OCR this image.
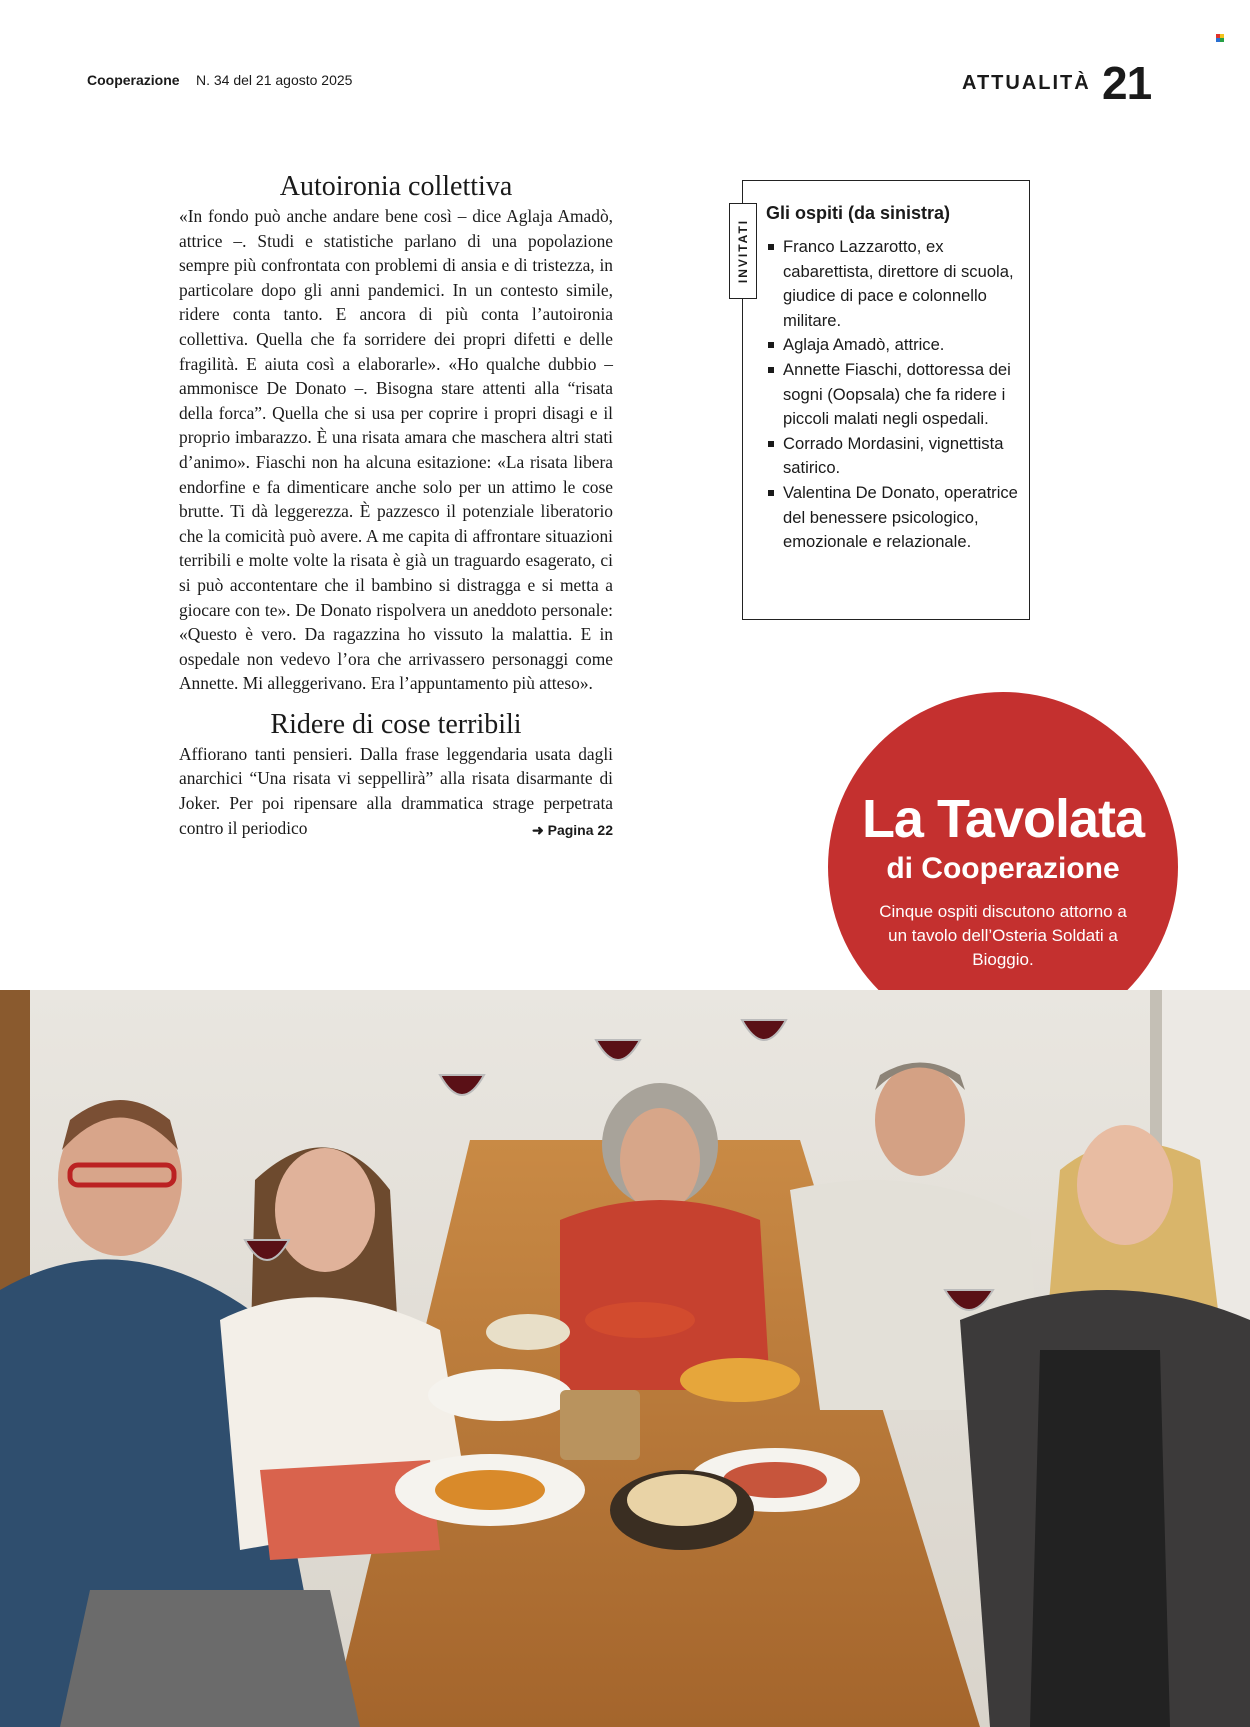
Cooperazione N. 34 del 21 agosto 2025	ATTUALITÀ 21
Autoironia collettiva

«In fondo può anche andare bene così – dice Aglaja Amadò, attrice –. Studi e statistiche parlano di una popolazione sempre più confrontata con problemi di ansia e di tristezza, in particolare dopo gli anni pandemici. In un contesto simile, ridere conta tanto. E ancora di più conta l’autoironia collettiva. Quella che fa sorridere dei propri difetti e delle fragilità. E aiuta così a elaborarle». «Ho qualche dubbio – ammonisce De Donato –. Bisogna stare attenti alla “risata della forca”. Quella che si usa per coprire i propri disagi e il proprio imbarazzo. È una risata amara che maschera altri stati d’animo». Fiaschi non ha alcuna esitazione: «La risata libera endorfine e fa dimenticare anche solo per un attimo le cose brutte. Ti dà leggerezza. È pazzesco il potenziale liberatorio che la comicità può avere. A me capita di affrontare situazioni terribili e molte volte la risata è già un traguardo esagerato, ci si può accontentare che il bambino si distragga e si metta a giocare con te». De Donato rispolvera un aneddoto personale: «Questo è vero. Da ragazzina ho vissuto la malattia. E in ospedale non vedevo l’ora che arrivassero personaggi come Annette. Mi alleggerivano. Era l’appuntamento più atteso».

Ridere di cose terribili

Affiorano tanti pensieri. Dalla frase leggendaria usata dagli anarchici “Una risata vi seppellirà” alla risata disarmante di Joker. Per poi ripensare alla drammatica strage perpetrata contro il periodico	➜ Pagina 22

INVITATI
Gli ospiti (da sinistra)
Franco Lazzarotto, ex cabarettista, direttore di scuola, giudice di pace e colonnello militare.
Aglaja Amadò, attrice.
Annette Fiaschi, dottoressa dei sogni (Oopsala) che fa ridere i piccoli malati negli ospedali.
Corrado Mordasini, vignettista satirico.
Valentina De Donato, operatrice del benessere psicologico, emozionale e relazionale.
La Tavolata
di Cooperazione
Cinque ospiti discutono attorno a un tavolo dell’Osteria Soldati a Bioggio.
